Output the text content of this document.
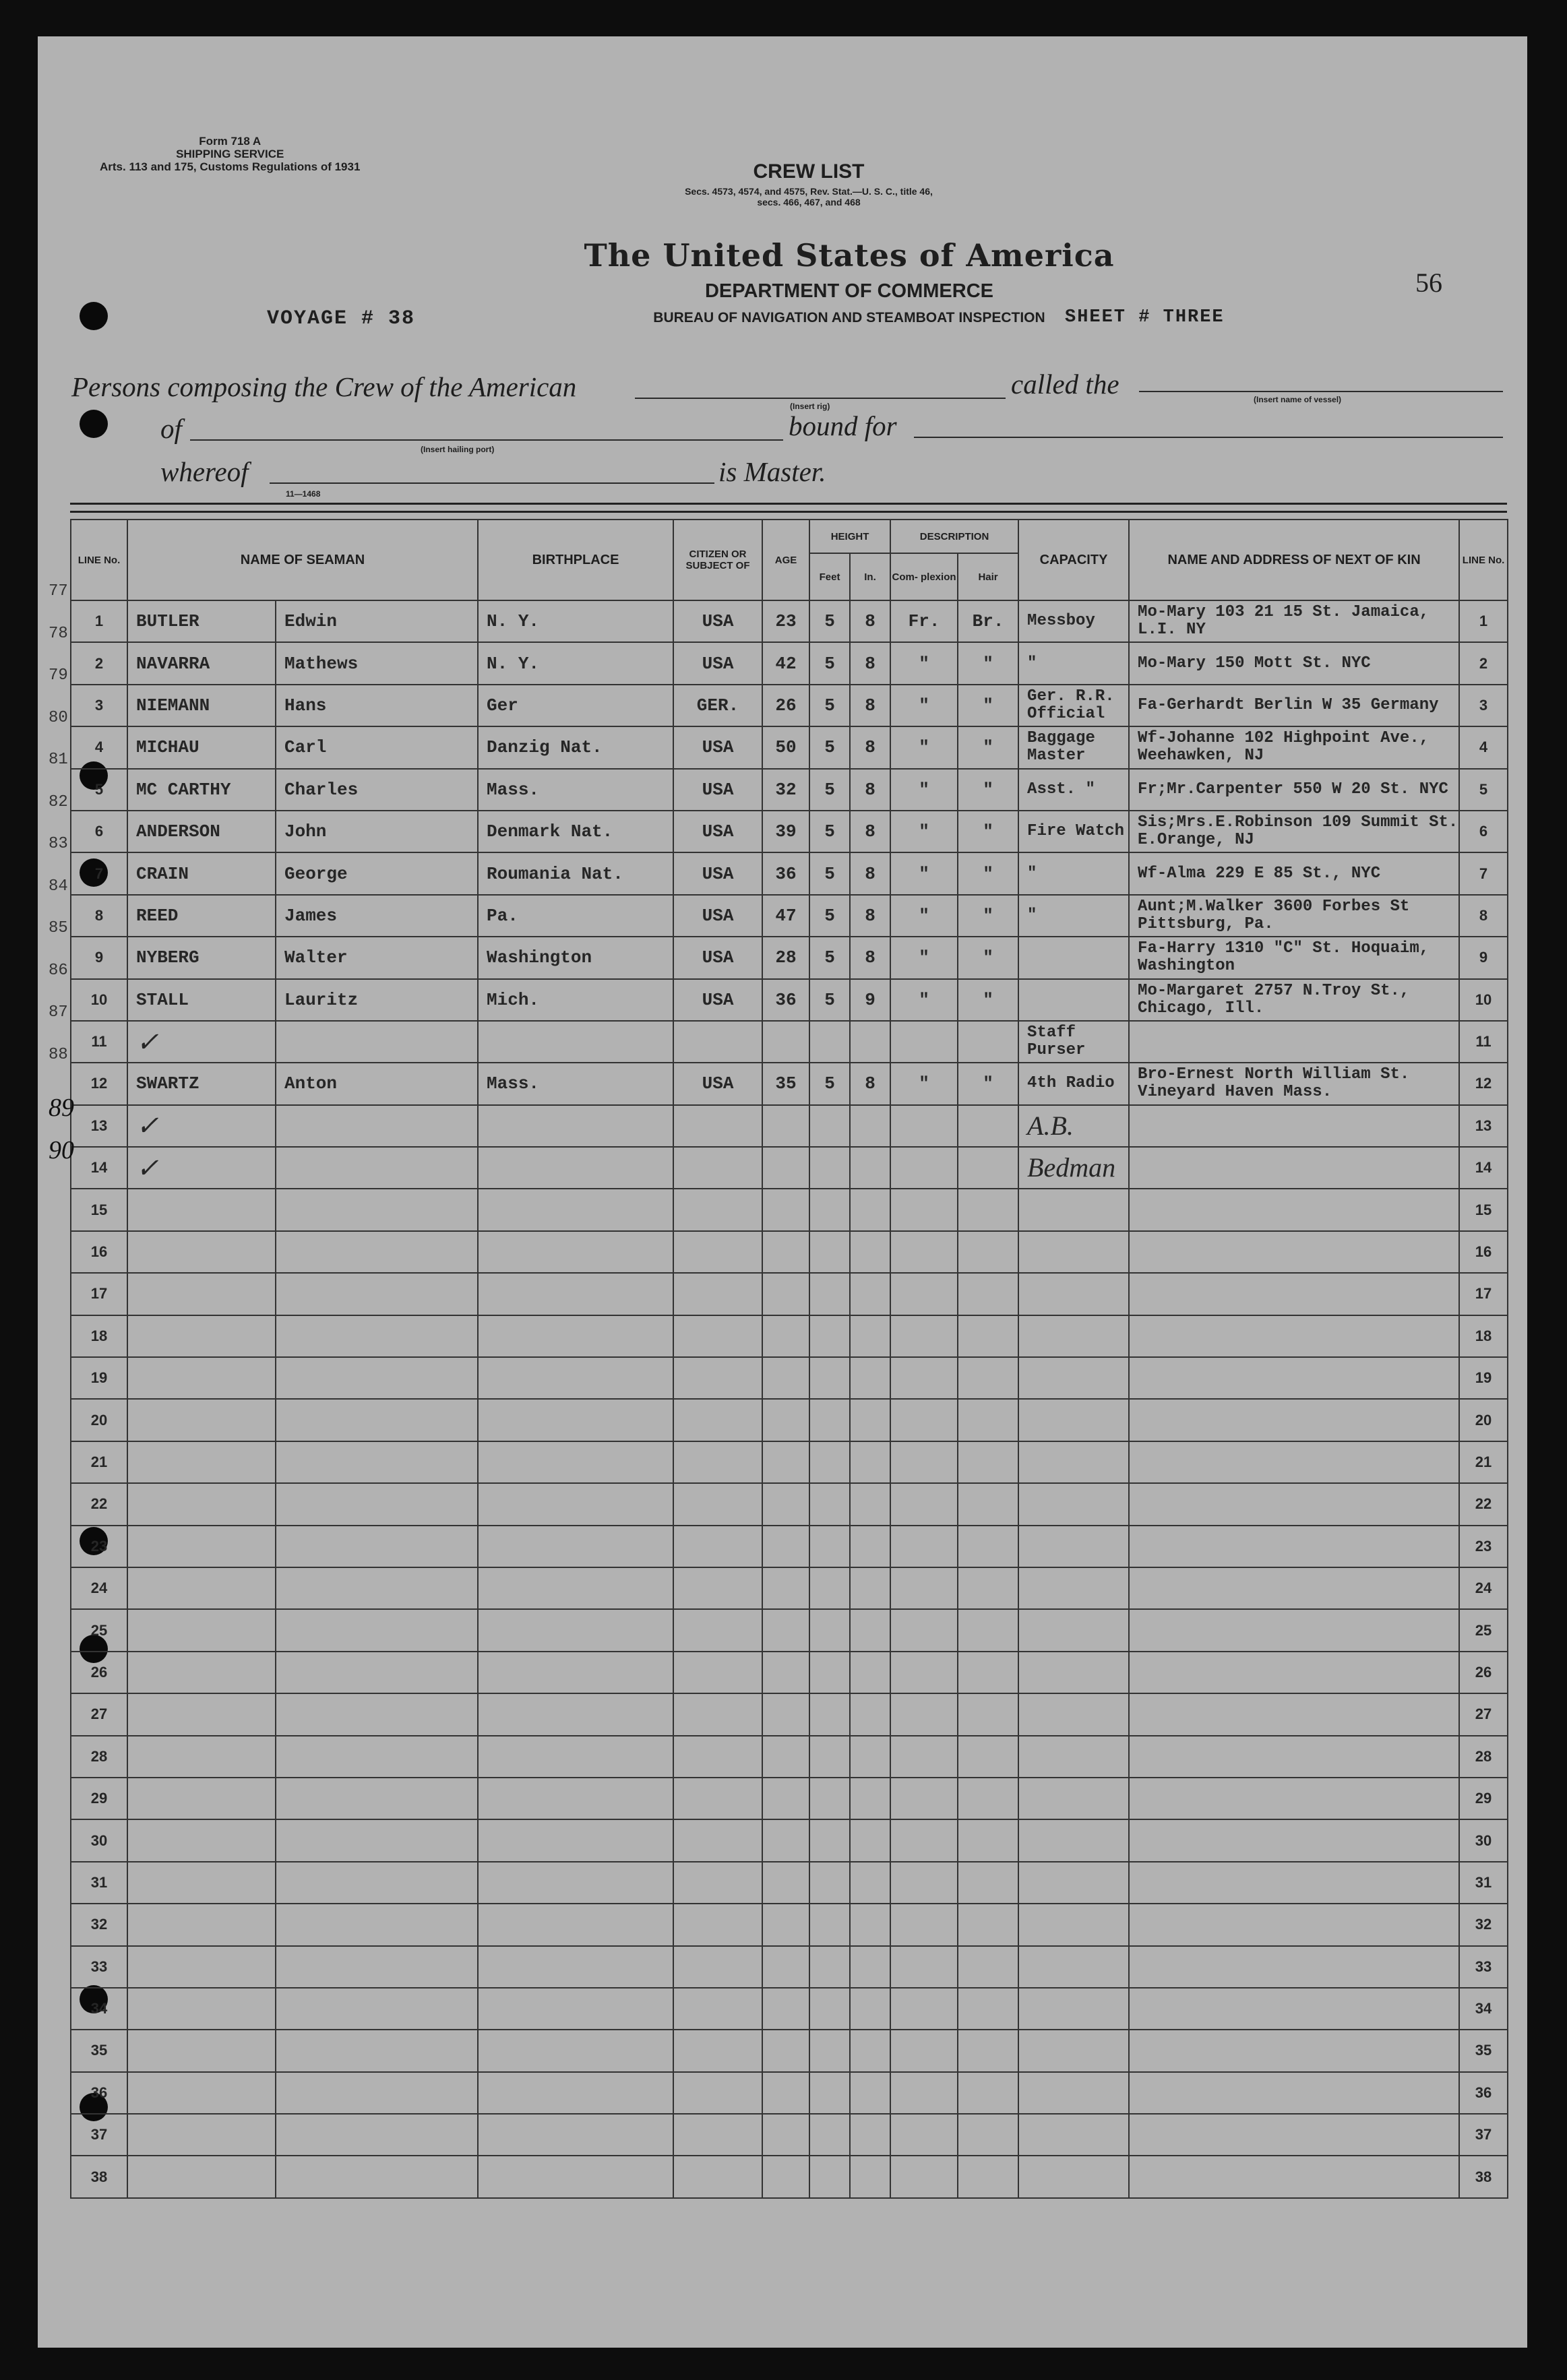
Form 718 A
SHIPPING SERVICE
Arts. 113 and 175, Customs Regulations of 1931	CREW LIST
Secs. 4573, 4574, and 4575, Rev. Stat.—U. S. C., title 46,
secs. 466, 467, and 468
The United States of America
DEPARTMENT OF COMMERCE
BUREAU OF NAVIGATION AND STEAMBOAT INSPECTION
VOYAGE # 38	SHEET # THREE
56
Persons composing the Crew of the American
(Insert rig)
called the	(Insert name of vessel)
of
(Insert hailing port)
bound for
whereof
11—1468
is Master.
LINE No.	NAME OF SEAMAN		BIRTHPLACE	CITIZEN OR SUBJECT OF	AGE	HEIGHT		DESCRIPTION		CAPACITY	NAME AND ADDRESS OF NEXT OF KIN	LINE No.
						Feet	In.	Com- plexion	Hair			
1	BUTLER	Edwin	N. Y.	USA	23	5	8	Fr.	Br.	Messboy	Mo-Mary 103 21 15 St. Jamaica, L.I. NY	1
2	NAVARRA	Mathews	N. Y.	USA	42	5	8	"	"	"	Mo-Mary 150 Mott St. NYC	2
3	NIEMANN	Hans	Ger	GER.	26	5	8	"	"	Ger. R.R. Official	Fa-Gerhardt Berlin W 35 Germany	3
4	MICHAU	Carl	Danzig Nat.	USA	50	5	8	"	"	Baggage Master	Wf-Johanne 102 Highpoint Ave., Weehawken, NJ	4
5	MC CARTHY	Charles	Mass.	USA	32	5	8	"	"	Asst. "	Fr;Mr.Carpenter 550 W 20 St. NYC	5
6	ANDERSON	John	Denmark Nat.	USA	39	5	8	"	"	Fire Watch	Sis;Mrs.E.Robinson 109 Summit St. E.Orange, NJ	6
7	CRAIN	George	Roumania Nat.	USA	36	5	8	"	"	"	Wf-Alma 229 E 85 St., NYC	7
8	REED	James	Pa.	USA	47	5	8	"	"	"	Aunt;M.Walker 3600 Forbes St Pittsburg, Pa.	8
9	NYBERG	Walter	Washington	USA	28	5	8	"	"		Fa-Harry 1310 "C" St. Hoquaim, Washington	9
10	STALL	Lauritz	Mich.	USA	36	5	9	"	"		Mo-Margaret 2757 N.Troy St., Chicago, Ill.	10
11	✓									Staff Purser		11
12	SWARTZ	Anton	Mass.	USA	35	5	8	"	"	4th Radio	Bro-Ernest North William St. Vineyard Haven Mass.	12
13	✓									A.B.		13
14	✓									Bedman		14
15												15
16												16
17												17
18												18
19												19
20												20
21												21
22												22
23												23
24												24
25												25
26												26
27												27
28												28
29												29
30												30
31												31
32												32
33												33
34												34
35												35
36												36
37												37
38												38
77
78
79
80
81
82
83
84
85
86
87
88
89
90
